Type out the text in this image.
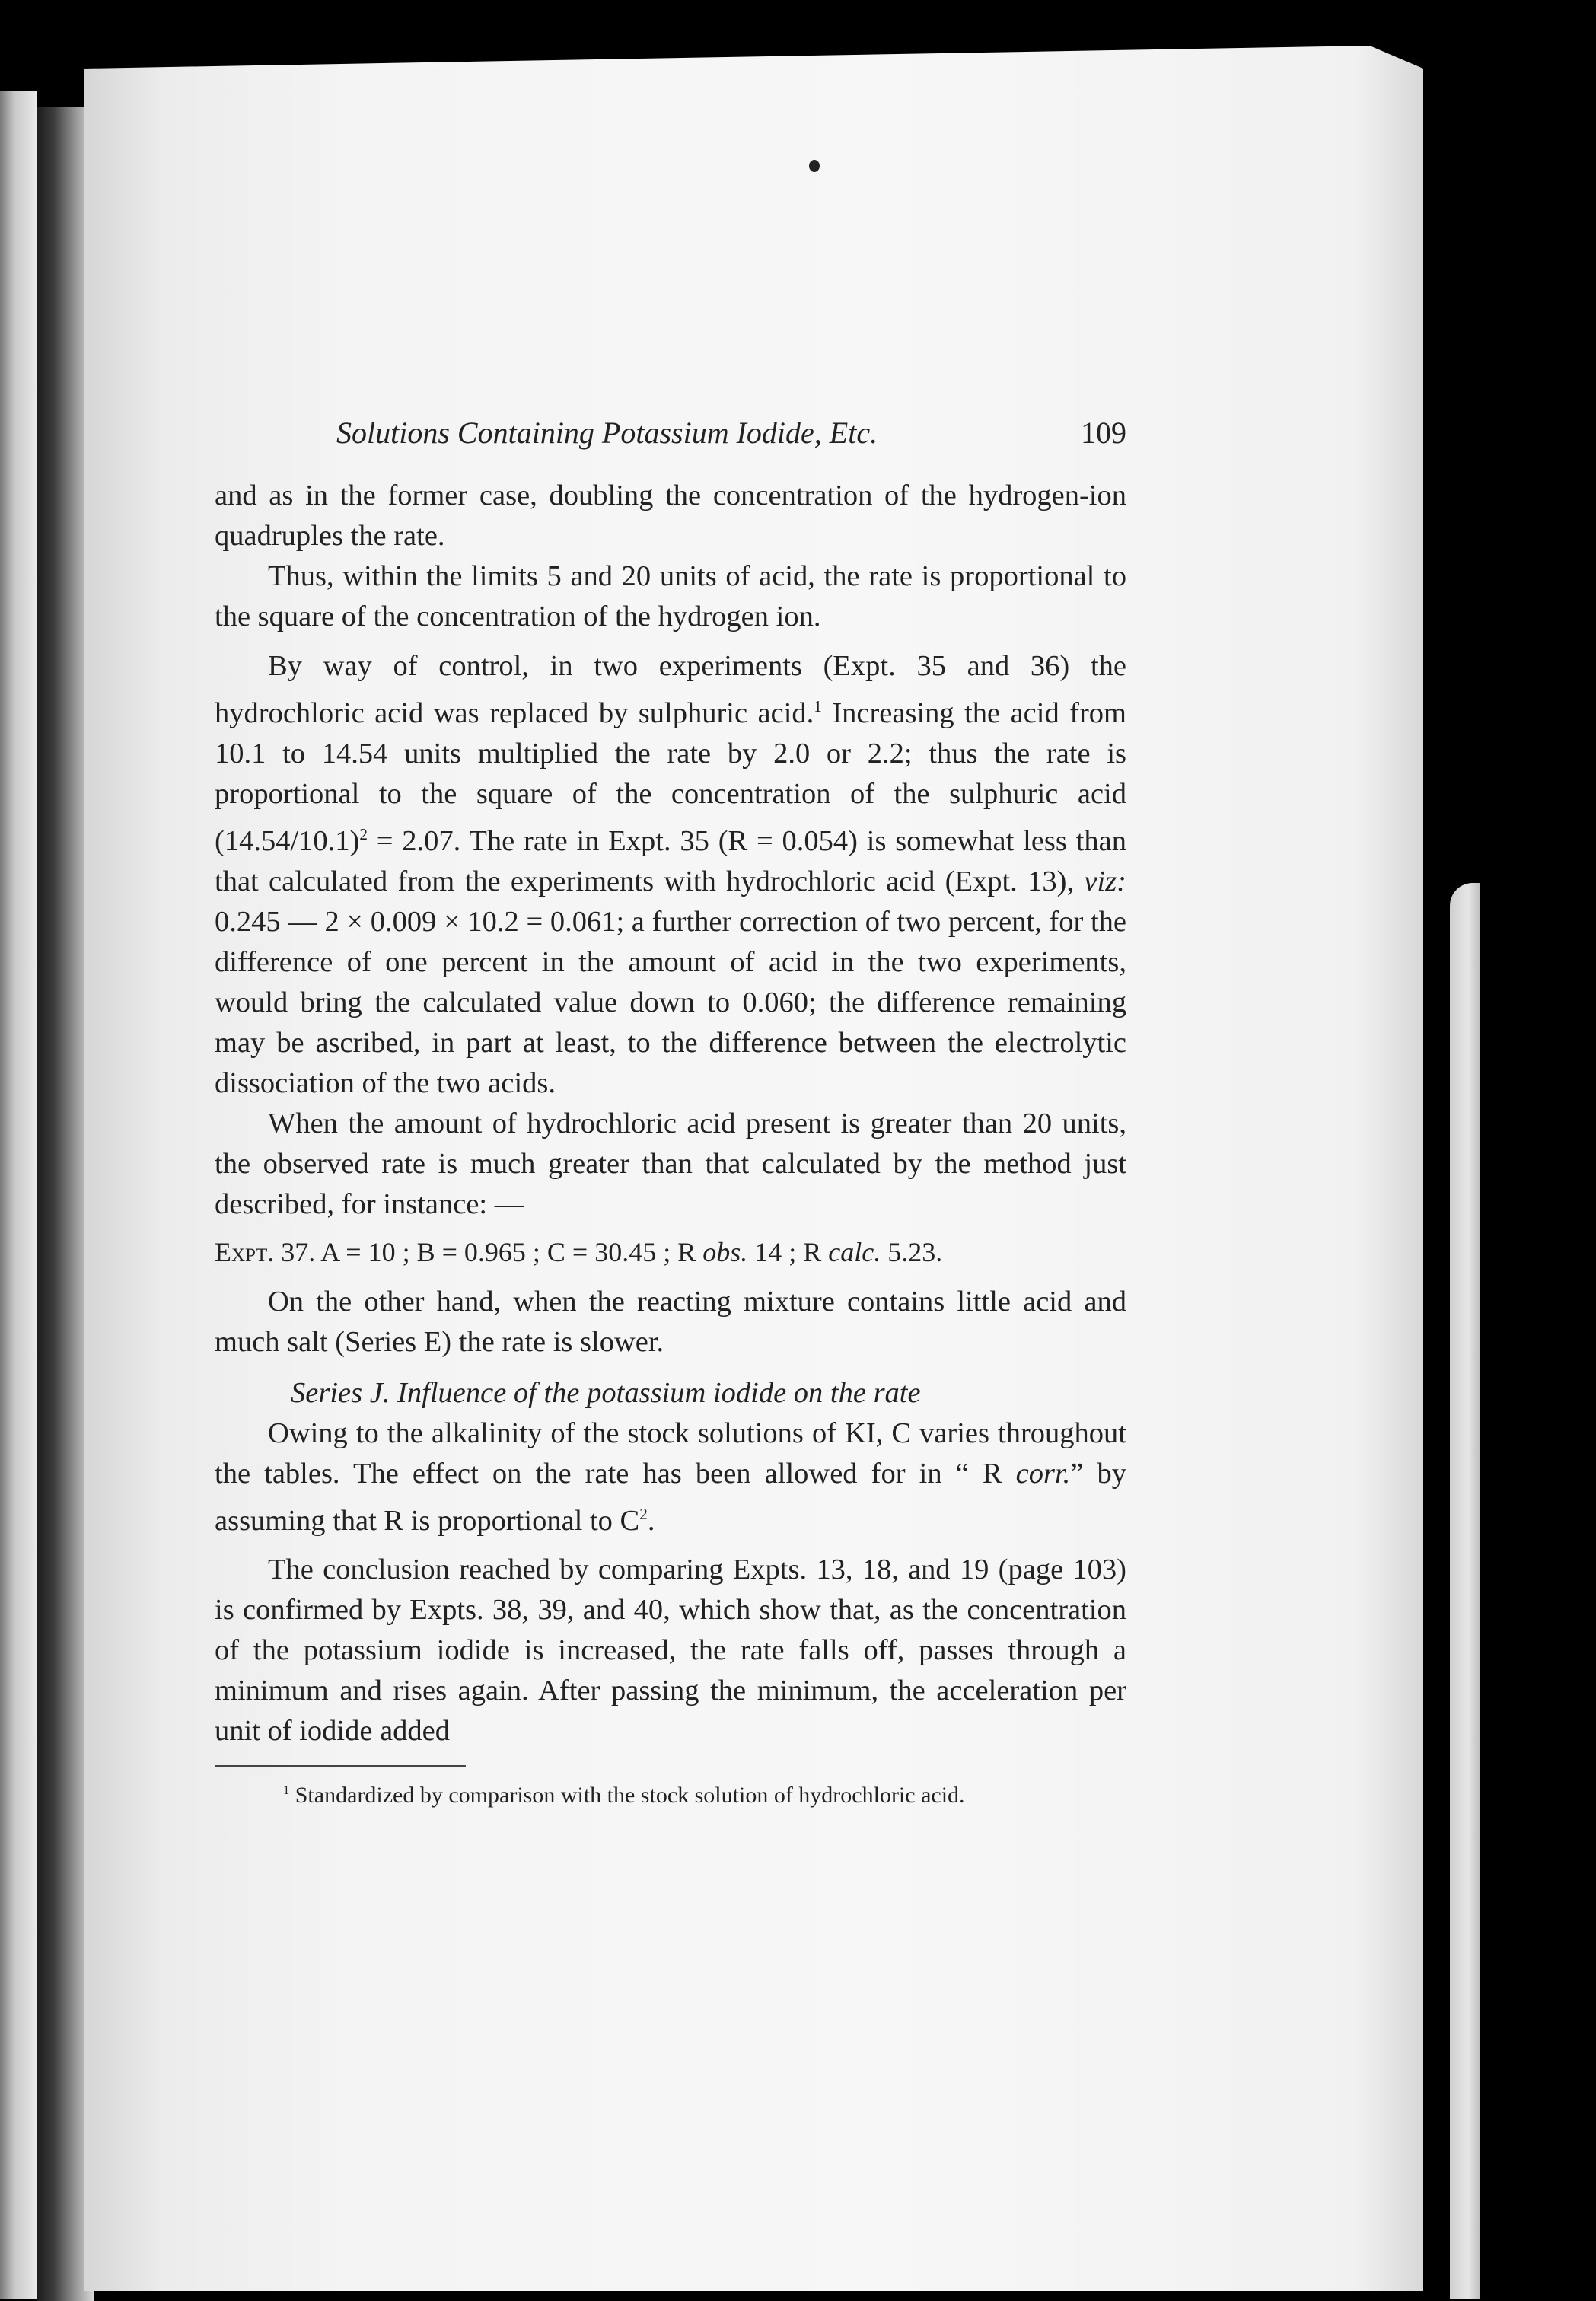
Solutions Containing Potassium Iodide, Etc.	109

and as in the former case, doubling the concentration of the hydrogen-ion quadruples the rate.

Thus, within the limits 5 and 20 units of acid, the rate is proportional to the square of the concentration of the hydrogen ion.

By way of control, in two experiments (Expt. 35 and 36) the hydrochloric acid was replaced by sulphuric acid.$^1$ Increasing the acid from 10.1 to 14.54 units multiplied the rate by 2.0 or 2.2; thus the rate is proportional to the square of the concentration of the sulphuric acid $(14.54/10.1)^2 = 2.07$. The rate in Expt. 35 (R = 0.054) is somewhat less than that calculated from the experiments with hydrochloric acid (Expt. 13), viz: 0.245 — 2 × 0.009 × 10.2 = 0.061; a further correction of two percent, for the difference of one percent in the amount of acid in the two experiments, would bring the calculated value down to 0.060; the difference remaining may be ascribed, in part at least, to the difference between the electrolytic dissociation of the two acids.

When the amount of hydrochloric acid present is greater than 20 units, the observed rate is much greater than that calculated by the method just described, for instance: —

Expt. 37. A = 10 ; B = 0.965 ; C = 30.45 ; R obs. 14 ; R calc. 5.23.

On the other hand, when the reacting mixture contains little acid and much salt (Series E) the rate is slower.

Series J. Influence of the potassium iodide on the rate

Owing to the alkalinity of the stock solutions of KI, C varies throughout the tables. The effect on the rate has been allowed for in “ R corr.” by assuming that R is proportional to $C^2$.

The conclusion reached by comparing Expts. 13, 18, and 19 (page 103) is confirmed by Expts. 38, 39, and 40, which show that, as the concentration of the potassium iodide is increased, the rate falls off, passes through a minimum and rises again. After passing the minimum, the acceleration per unit of iodide added

$^1$ Standardized by comparison with the stock solution of hydrochloric acid.
